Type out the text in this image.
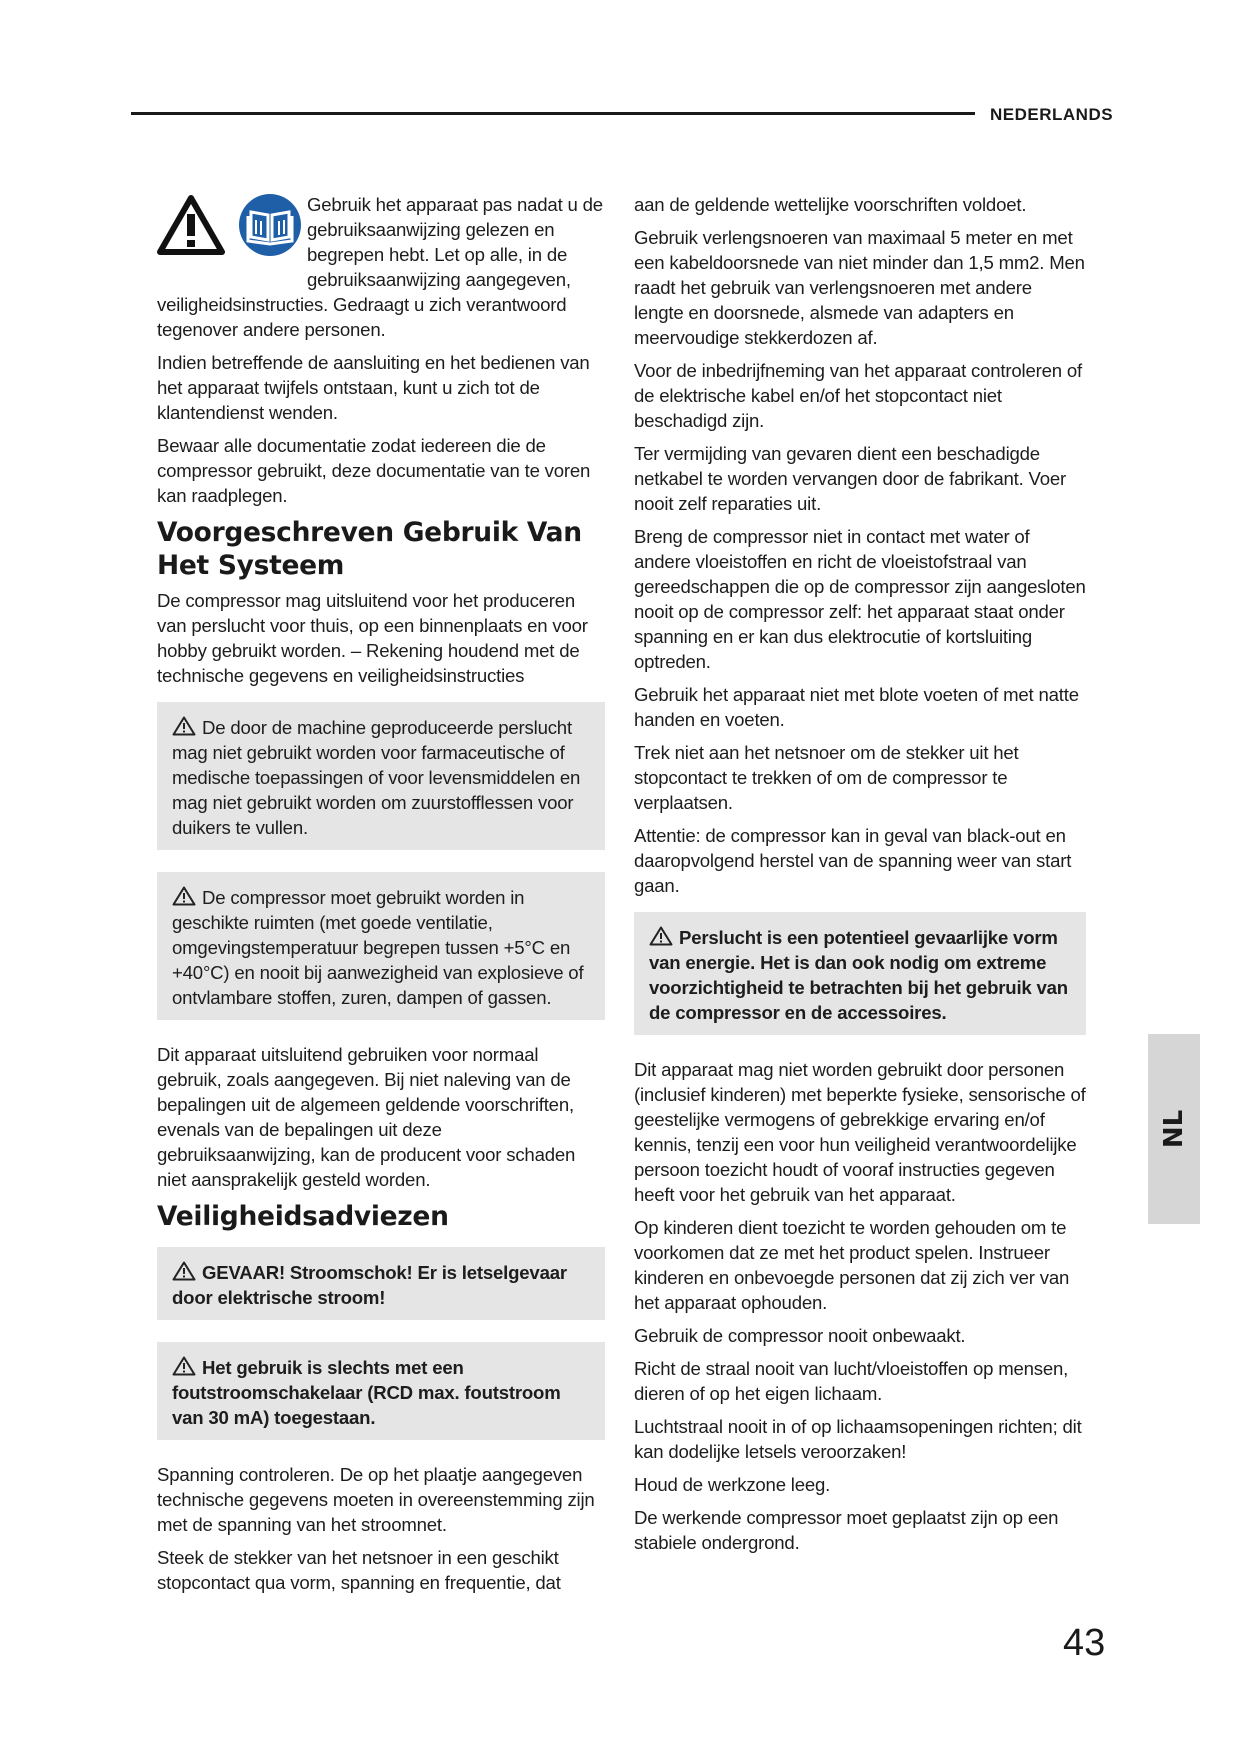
NEDERLANDS

Gebruik het apparaat pas nadat u de gebruiksaanwijzing gelezen en begrepen hebt. Let op alle, in de gebruiksaanwijzing aangegeven, veiligheidsinstructies. Gedraagt u zich verantwoord tegenover andere personen.

Indien betreffende de aansluiting en het bedienen van het apparaat twijfels ontstaan, kunt u zich tot de klantendienst wenden.

Bewaar alle documentatie zodat iedereen die de compressor gebruikt, deze documentatie van te voren kan raadplegen.

Voorgeschreven Gebruik Van Het Systeem

De compressor mag uitsluitend voor het produceren van perslucht voor thuis, op een binnenplaats en voor hobby gebruikt worden. – Rekening houdend met de technische gegevens en veiligheidsinstructies

De door de machine geproduceerde perslucht mag niet gebruikt worden voor farmaceutische of medische toepassingen of voor levensmiddelen en mag niet gebruikt worden om zuurstofflessen voor duikers te vullen.
De compressor moet gebruikt worden in geschikte ruimten (met goede ventilatie, omgevingstemperatuur begrepen tussen +5°C en +40°C) en nooit bij aanwezigheid van explosieve of ontvlambare stoffen, zuren, dampen of gassen.

Dit apparaat uitsluitend gebruiken voor normaal gebruik, zoals aangegeven. Bij niet naleving van de bepalingen uit de algemeen geldende voorschriften, evenals van de bepalingen uit deze gebruiksaanwijzing, kan de producent voor schaden niet aansprakelijk gesteld worden.

Veiligheidsadviezen
GEVAAR! Stroomschok! Er is letselgevaar door elektrische stroom!
Het gebruik is slechts met een foutstroomschakelaar (RCD max. foutstroom van 30 mA) toegestaan.

Spanning controleren. De op het plaatje aangegeven technische gegevens moeten in overeenstemming zijn met de spanning van het stroomnet.

Steek de stekker van het netsnoer in een geschikt stopcontact qua vorm, spanning en frequentie, dat

aan de geldende wettelijke voorschriften voldoet.

Gebruik verlengsnoeren van maximaal 5 meter en met een kabeldoorsnede van niet minder dan 1,5 mm2. Men raadt het gebruik van verlengsnoeren met andere lengte en doorsnede, alsmede van adapters en meervoudige stekkerdozen af.

Voor de inbedrijfneming van het apparaat controleren of de elektrische kabel en/of het stopcontact niet beschadigd zijn.

Ter vermijding van gevaren dient een beschadigde netkabel te worden vervangen door de fabrikant. Voer nooit zelf reparaties uit.

Breng de compressor niet in contact met water of andere vloeistoffen en richt de vloeistofstraal van gereedschappen die op de compressor zijn aangesloten nooit op de compressor zelf: het apparaat staat onder spanning en er kan dus elektrocutie of kortsluiting optreden.

Gebruik het apparaat niet met blote voeten of met natte handen en voeten.

Trek niet aan het netsnoer om de stekker uit het stopcontact te trekken of om de compressor te verplaatsen.

Attentie: de compressor kan in geval van black-out en daaropvolgend herstel van de spanning weer van start gaan.

Perslucht is een potentieel gevaarlijke vorm van energie. Het is dan ook nodig om extreme voorzichtigheid te betrachten bij het gebruik van de compressor en de accessoires.

Dit apparaat mag niet worden gebruikt door personen (inclusief kinderen) met beperkte fysieke, sensorische of geestelijke vermogens of gebrekkige ervaring en/of kennis, tenzij een voor hun veiligheid verantwoordelijke persoon toezicht houdt of vooraf instructies gegeven heeft voor het gebruik van het apparaat.

Op kinderen dient toezicht te worden gehouden om te voorkomen dat ze met het product spelen. Instrueer kinderen en onbevoegde personen dat zij zich ver van het apparaat ophouden.

Gebruik de compressor nooit onbewaakt.

Richt de straal nooit van lucht/vloeistoffen op mensen, dieren of op het eigen lichaam.

Luchtstraal nooit in of op lichaamsopeningen richten; dit kan dodelijke letsels veroorzaken!

Houd de werkzone leeg.

De werkende compressor moet geplaatst zijn op een stabiele ondergrond.

NL
43
